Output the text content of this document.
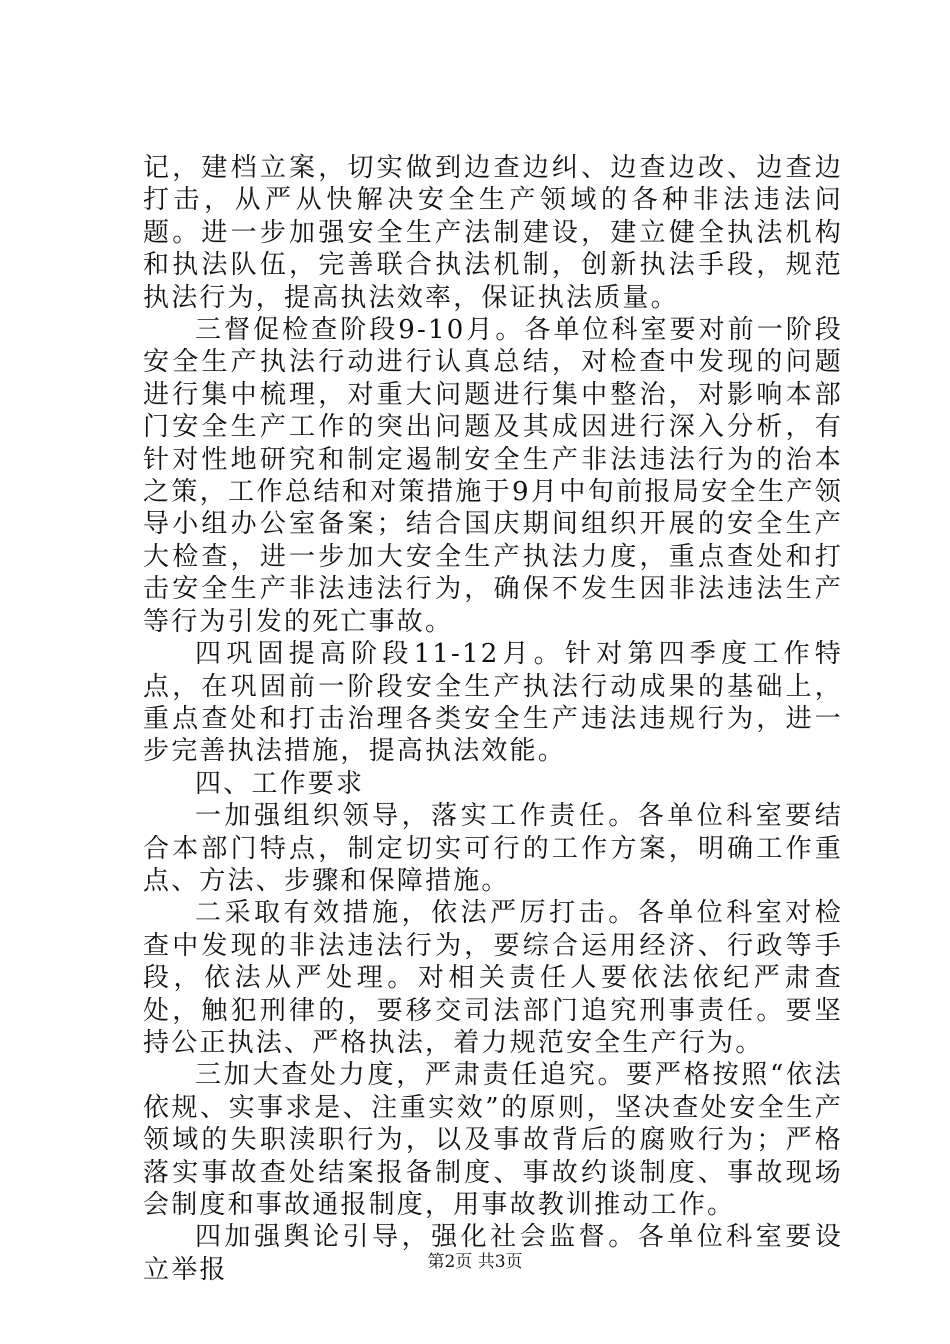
记，建档立案，切实做到边查边纠、边查边改、边查边打击，从严从快解决安全生产领域的各种非法违法问题。进一步加强安全生产法制建设，建立健全执法机构和执法队伍，完善联合执法机制，创新执法手段，规范执法行为，提高执法效率，保证执法质量。

三督促检查阶段9-10月。各单位科室要对前一阶段安全生产执法行动进行认真总结，对检查中发现的问题进行集中梳理，对重大问题进行集中整治，对影响本部门安全生产工作的突出问题及其成因进行深入分析，有针对性地研究和制定遏制安全生产非法违法行为的治本之策，工作总结和对策措施于9月中旬前报局安全生产领导小组办公室备案；结合国庆期间组织开展的安全生产大检查，进一步加大安全生产执法力度，重点查处和打击安全生产非法违法行为，确保不发生因非法违法生产等行为引发的死亡事故。

四巩固提高阶段11-12月。针对第四季度工作特点，在巩固前一阶段安全生产执法行动成果的基础上，重点查处和打击治理各类安全生产违法违规行为，进一步完善执法措施，提高执法效能。

四、工作要求

一加强组织领导，落实工作责任。各单位科室要结合本部门特点，制定切实可行的工作方案，明确工作重点、方法、步骤和保障措施。

二采取有效措施，依法严厉打击。各单位科室对检查中发现的非法违法行为，要综合运用经济、行政等手段，依法从严处理。对相关责任人要依法依纪严肃查处，触犯刑律的，要移交司法部门追究刑事责任。要坚持公正执法、严格执法，着力规范安全生产行为。

三加大查处力度，严肃责任追究。要严格按照“依法依规、实事求是、注重实效”的原则，坚决查处安全生产领域的失职渎职行为，以及事故背后的腐败行为；严格落实事故查处结案报备制度、事故约谈制度、事故现场会制度和事故通报制度，用事故教训推动工作。

四加强舆论引导，强化社会监督。各单位科室要设立举报	第2页 共3页
